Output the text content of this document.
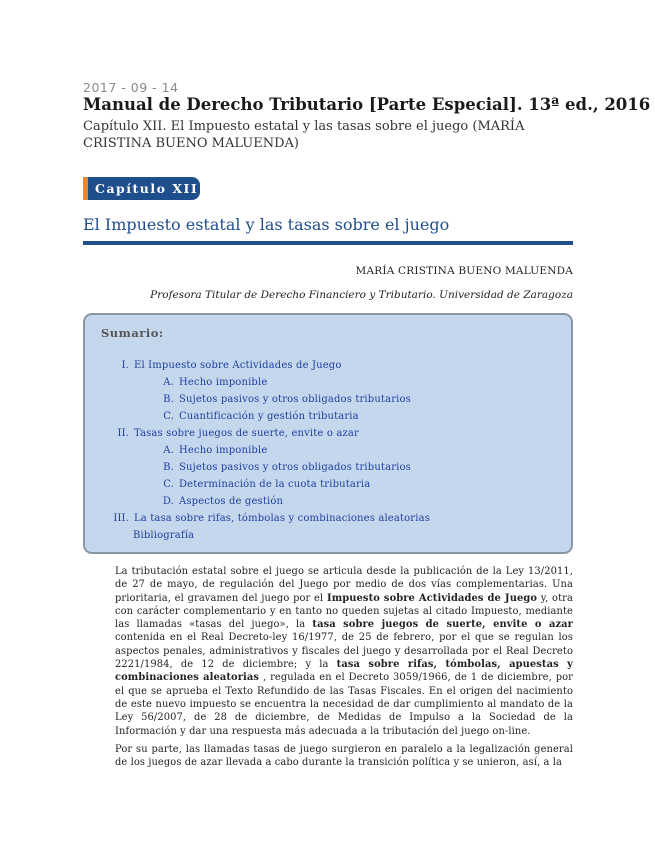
2017 - 09 - 14
Manual de Derecho Tributario [Parte Especial]. 13ª ed., 2016
Capítulo XII. El Impuesto estatal y las tasas sobre el juego (MARÍA CRISTINA BUENO MALUENDA)
Capítulo XII
El Impuesto estatal y las tasas sobre el juego
MARÍA CRISTINA BUENO MALUENDA
Profesora Titular de Derecho Financiero y Tributario. Universidad de Zaragoza
Sumario:
I. El Impuesto sobre Actividades de Juego
A. Hecho imponible
B. Sujetos pasivos y otros obligados tributarios
C. Cuantificación y gestión tributaria
II. Tasas sobre juegos de suerte, envite o azar
A. Hecho imponible
B. Sujetos pasivos y otros obligados tributarios
C. Determinación de la cuota tributaria
D. Aspectos de gestión
III. La tasa sobre rifas, tómbolas y combinaciones aleatorias
Bibliografía
La tributación estatal sobre el juego se articula desde la publicación de la Ley 13/2011, de 27 de mayo, de regulación del Juego por medio de dos vías complementarias. Una prioritaria, el gravamen del juego por el Impuesto sobre Actividades de Juego y, otra con carácter complementario y en tanto no queden sujetas al citado Impuesto, mediante las llamadas «tasas del juego», la tasa sobre juegos de suerte, envite o azar contenida en el Real Decreto-ley 16/1977, de 25 de febrero, por el que se regulan los aspectos penales, administrativos y fiscales del juego y desarrollada por el Real Decreto 2221/1984, de 12 de diciembre; y la tasa sobre rifas, tómbolas, apuestas y combinaciones aleatorias , regulada en el Decreto 3059/1966, de 1 de diciembre, por el que se aprueba el Texto Refundido de las Tasas Fiscales. En el origen del nacimiento de este nuevo impuesto se encuentra la necesidad de dar cumplimiento al mandato de la Ley 56/2007, de 28 de diciembre, de Medidas de Impulso a la Sociedad de la Información y dar una respuesta más adecuada a la tributación del juego on-line.
Por su parte, las llamadas tasas de juego surgieron en paralelo a la legalización general de los juegos de azar llevada a cabo durante la transición política y se unieron, así, a la
